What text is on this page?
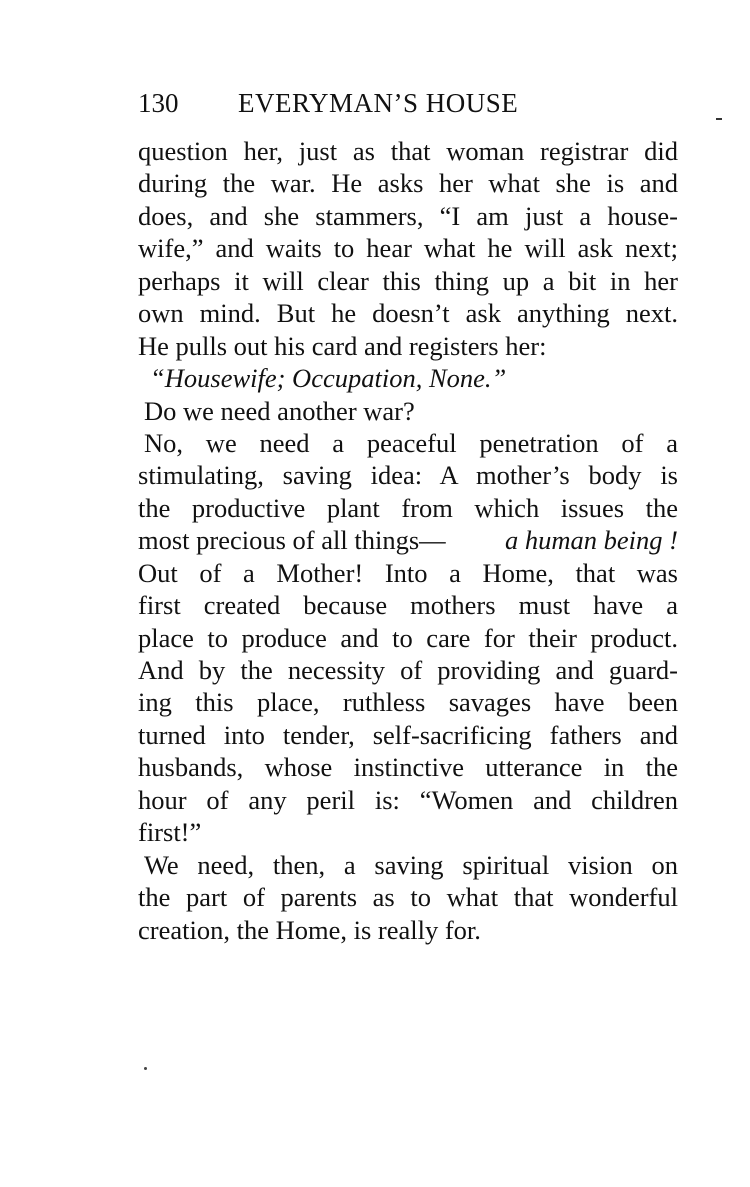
130 EVERYMAN’S HOUSE
question her, just as that woman registrar did
during the war. He asks her what she is and
does, and she stammers, “I am just a house-
wife,” and waits to hear what he will ask next;
perhaps it will clear this thing up a bit in her
own mind. But he doesn’t ask anything next.
He pulls out his card and registers her:
“Housewife; Occupation, None.”
Do we need another war?
No, we need a peaceful penetration of a
stimulating, saving idea: A mother’s body is
the productive plant from which issues the
most precious of all things—	a human being !
Out of a Mother! Into a Home, that was
first created because mothers must have a
place to produce and to care for their product.
And by the necessity of providing and guard-
ing this place, ruthless savages have been
turned into tender, self-sacrificing fathers and
husbands, whose instinctive utterance in the
hour of any peril is: “Women and children
first!”
We need, then, a saving spiritual vision on
the part of parents as to what that wonderful
creation, the Home, is really for.
